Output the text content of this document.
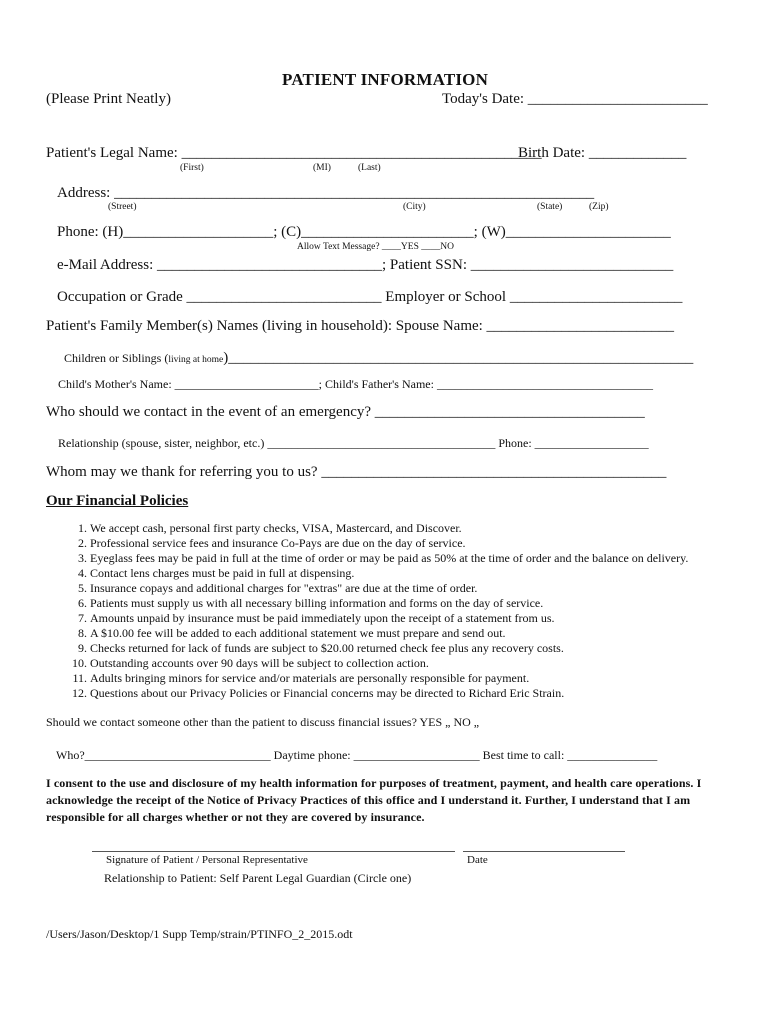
PATIENT INFORMATION
(Please Print Neatly)	Today's Date: ________________________
Patient's Legal Name: ________________________________________________
Birth Date: _____________
(First)	(MI)	(Last)
Address: ________________________________________________________________
(Street)	(City)	(State)	(Zip)
Phone: (H)____________________; (C)_______________________; (W)______________________
Allow Text Message? ____YES ____NO
e-Mail Address: ______________________________; Patient SSN: ___________________________
Occupation or Grade __________________________ Employer or School _______________________
Patient's Family Member(s) Names (living in household): Spouse Name: _________________________
Children or Siblings (living at home)______________________________________________________________
Child's Mother's Name: ________________________; Child's Father's Name: ____________________________________
Who should we contact in the event of an emergency? ____________________________________
Relationship (spouse, sister, neighbor, etc.) ______________________________________ Phone: ___________________
Whom may we thank for referring you to us? ______________________________________________
Our Financial Policies
1. We accept cash, personal first party checks, VISA, Mastercard, and Discover.
2. Professional service fees and insurance Co-Pays are due on the day of service.
3. Eyeglass fees may be paid in full at the time of order or may be paid as 50% at the time of order and the balance on delivery.
4. Contact lens charges must be paid in full at dispensing.
5. Insurance copays and additional charges for "extras" are due at the time of order.
6. Patients must supply us with all necessary billing information and forms on the day of service.
7. Amounts unpaid by insurance must be paid immediately upon the receipt of a statement from us.
8. A $10.00 fee will be added to each additional statement we must prepare and send out.
9. Checks returned for lack of funds are subject to $20.00 returned check fee plus any recovery costs.
10. Outstanding accounts over 90 days will be subject to collection action.
11. Adults bringing minors for service and/or materials are personally responsible for payment.
12. Questions about our Privacy Policies or Financial concerns may be directed to Richard Eric Strain.
Should we contact someone other than the patient to discuss financial issues? YES „ NO „
Who?_______________________________ Daytime phone: _____________________ Best time to call: _______________
I consent to the use and disclosure of my health information for purposes of treatment, payment, and health care operations. I acknowledge the receipt of the Notice of Privacy Practices of this office and I understand it. Further, I understand that I am responsible for all charges whether or not they are covered by insurance.
Signature of Patient / Personal Representative	Date
Relationship to Patient: Self Parent Legal Guardian (Circle one)
/Users/Jason/Desktop/1 Supp Temp/strain/PTINFO_2_2015.odt
